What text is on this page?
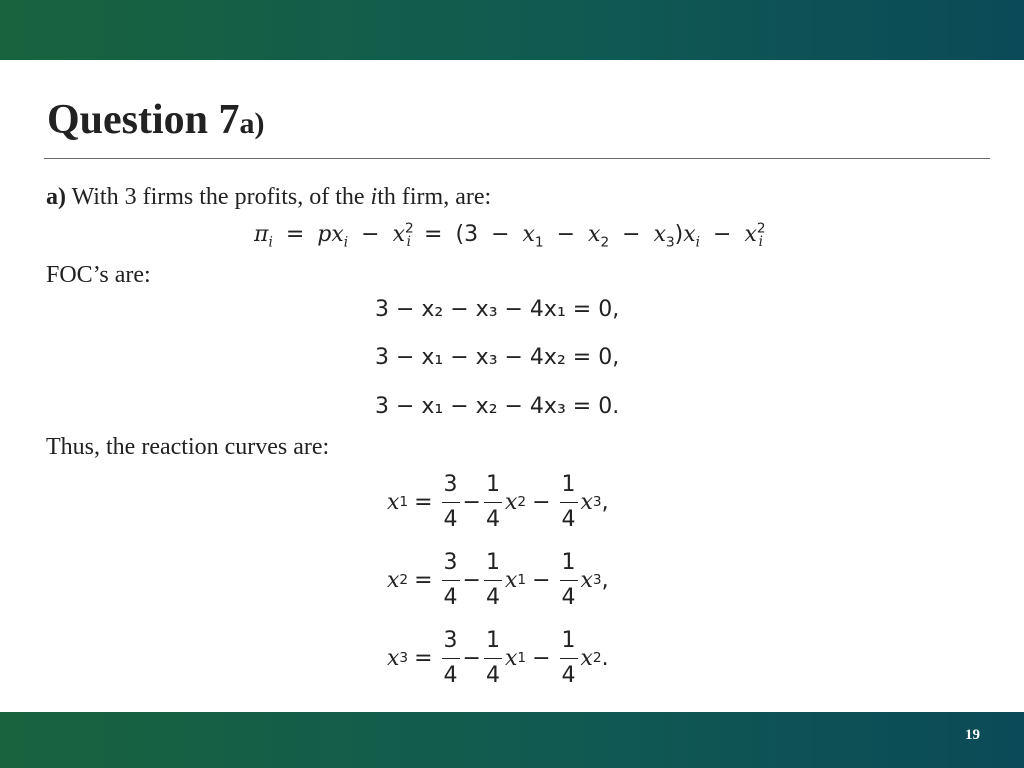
Question 7a)
a) With 3 firms the profits, of the ith firm, are:
$\pi_i = px_i - x^2_i = (3 - x_1 - x_2 - x_3)x_i - x^2_i$
FOC’s are:
3 − x₂ − x₃ − 4x₁ = 0,
3 − x₁ − x₃ − 4x₂ = 0,
3 − x₁ − x₂ − 4x₃ = 0.
Thus, the reaction curves are:
x $1 = \frac{3}{4} - \frac{1}{4}$ x $2 - \frac{1}{4}$ x 3 ,
x $2 = \frac{3}{4} - \frac{1}{4}$ x $1 - \frac{1}{4}$ x 3 ,
x $3 = \frac{3}{4} - \frac{1}{4}$ x $1 - \frac{1}{4}$ x 2 .
19
